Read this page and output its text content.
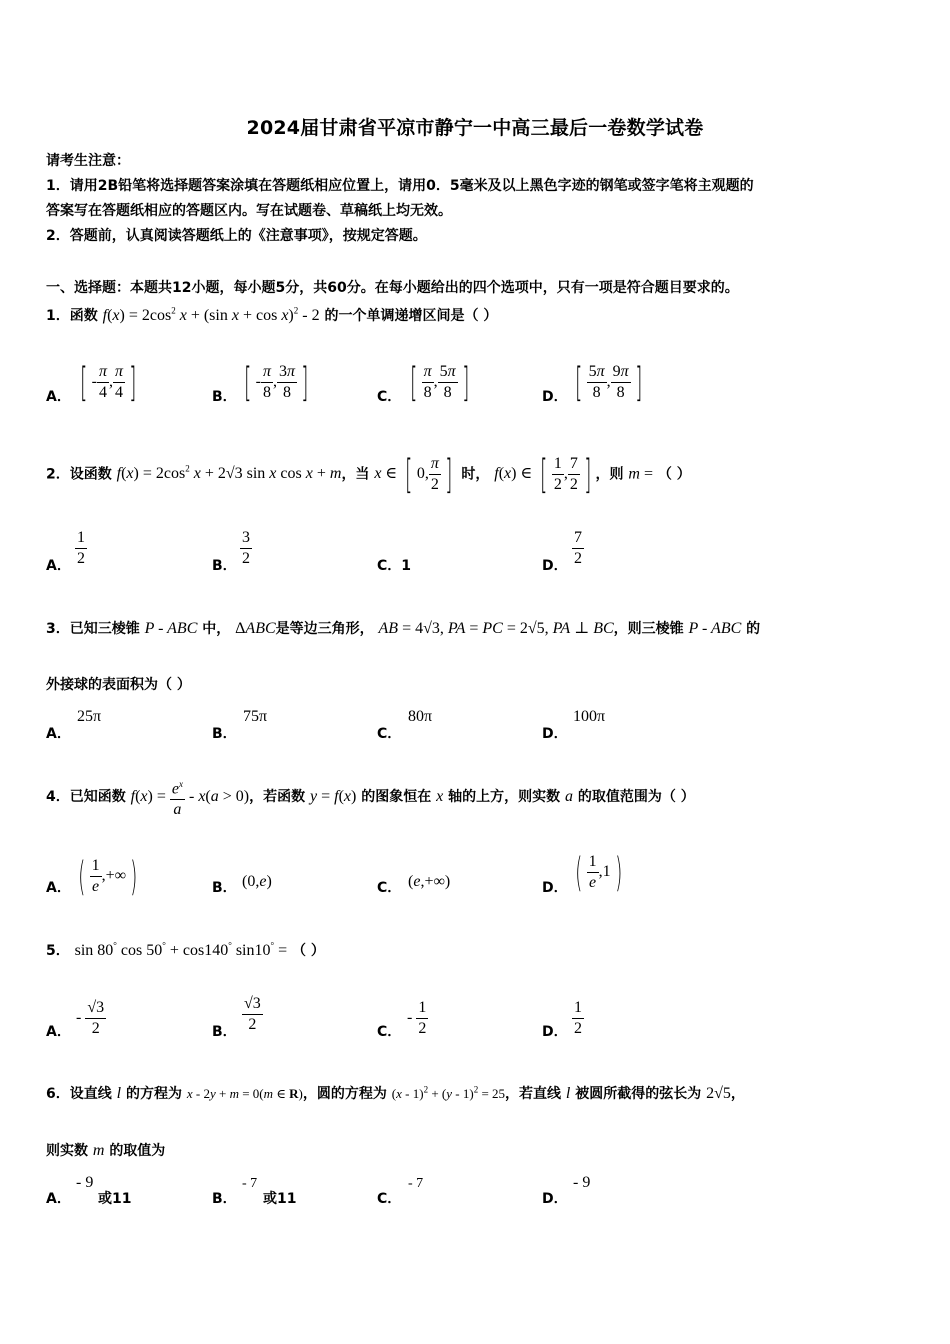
2024届甘肃省平凉市静宁一中高三最后一卷数学试卷
请考生注意：
1．请用2B铅笔将选择题答案涂填在答题纸相应位置上，请用0．5毫米及以上黑色字迹的钢笔或签字笔将主观题的
答案写在答题纸相应的答题区内。写在试题卷、草稿纸上均无效。
2．答题前，认真阅读答题纸上的《注意事项》，按规定答题。
一、选择题：本题共12小题，每小题5分，共60分。在每小题给出的四个选项中，只有一项是符合题目要求的。
1．函数 $f(x) = 2\cos^2$ x + (sin x + cos x)$^2$ - 2 的一个单调递增区间是（ ）
A． [ - $\frac{\pi}{4}$ , $\frac{\pi}{4}$ ]	B． [ - $\frac{\pi}{8}$ , $\frac{3\pi}{8}$ ]	C． [ $\frac{\pi}{8}$ , $\frac{5\pi}{8}$ ]	D． [ $\frac{5\pi}{8}$ , $\frac{9\pi}{8}$ ]
2．设函数 $f(x) = 2\cos^2$ x + 2√3 sin x cos x + m，当 x ∈ [ 0, $\frac{\pi}{2}$ ] 时， f(x) ∈ [ $\frac{1}{2}$ , $\frac{7}{2}$ ] ，则 m = （ ）
A． $\frac{1}{2}$	B． $\frac{3}{2}$	C．1	D． $\frac{7}{2}$
3．已知三棱锥 P - ABC 中， ΔABC是等边三角形， AB = 4√3, PA = PC = 2√5, PA ⊥ BC，则三棱锥 P - ABC 的
外接球的表面积为（ ）
A．
25π
B．
75π
C．
80π
D．
100π
4．已知函数 $f(x) = \frac{e^x}{a} - x(a > 0)$，若函数 y = f(x) 的图象恒在 x 轴的上方，则实数 a 的取值范围为（ ）
A． ( $\frac{1}{e}$ ,+∞ )	B． (0,e)	C． (e,+∞)	D． ( $\frac{1}{e} ,1$ )
5． sin 80° cos 50° + cos140° sin10° = （ ）
A．
- $\frac{√3}{2}$	B． $\frac{√3}{2}$	C．
- $\frac{1}{2}$	D． $\frac{1}{2}$
6．设直线 l 的方程为 x - 2y + m = 0(m ∈ R)，圆的方程为 (x - 1)$^2$ + (y - 1)$^2$ = 25，若直线 l 被圆所截得的弦长为 2√5，
则实数 m 的取值为
A．
- 9
或11	B．
- 7
或11	C．
- 7
D．
- 9
